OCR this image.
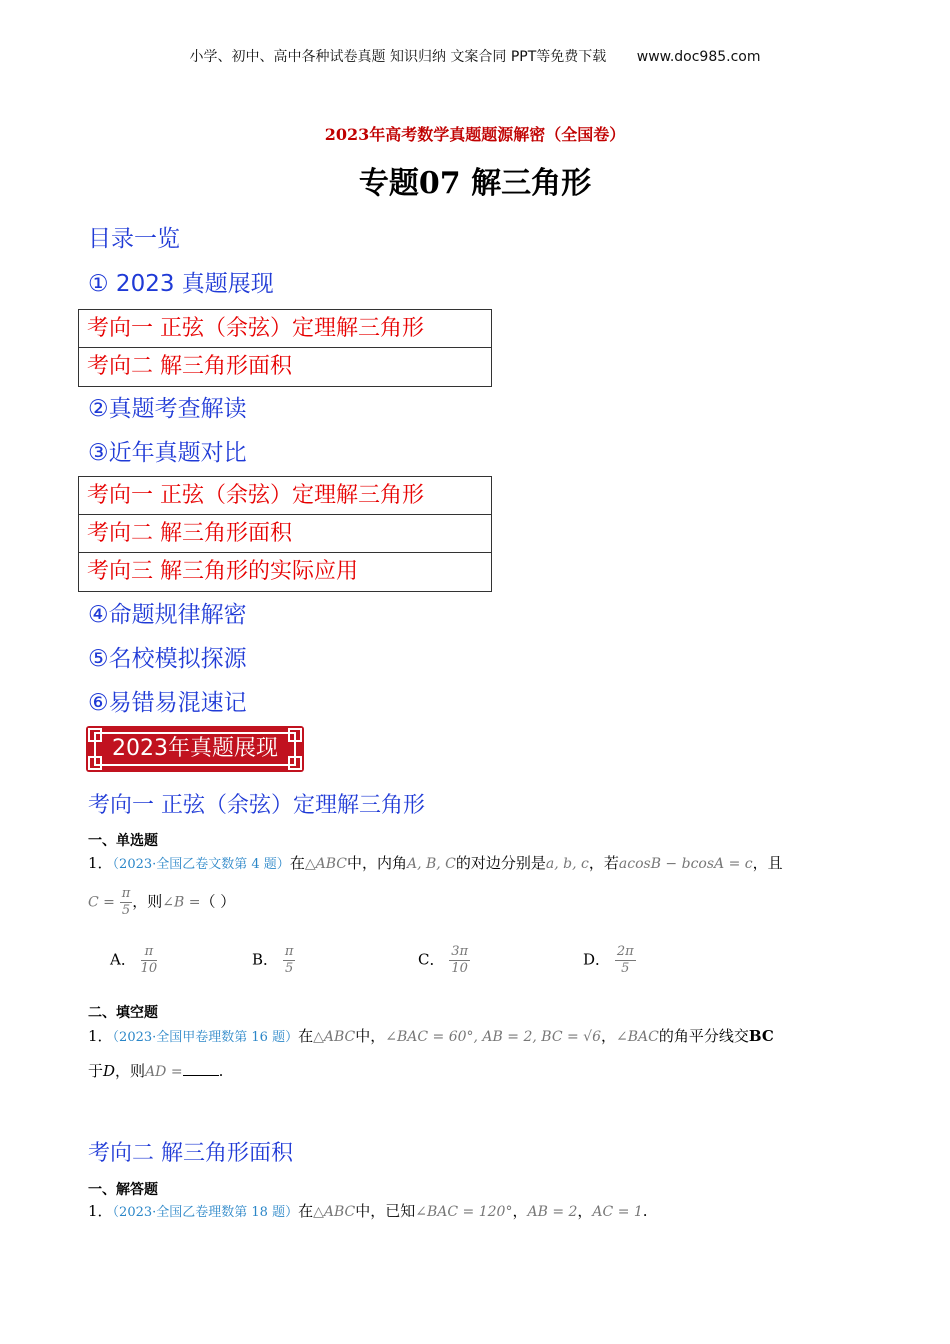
小学、初中、高中各种试卷真题 知识归纳 文案合同 PPT等免费下载 www.doc985.com
2023年高考数学真题题源解密（全国卷）
专题07 解三角形
目录一览
① 2023 真题展现
考向一 正弦（余弦）定理解三角形
考向二 解三角形面积
②真题考查解读
③近年真题对比
考向一 正弦（余弦）定理解三角形
考向二 解三角形面积
考向三 解三角形的实际应用
④命题规律解密
⑤名校模拟探源
⑥易错易混速记
2023年真题展现
考向一 正弦（余弦）定理解三角形
一、单选题
1．（2023·全国乙卷文数第 4 题）在△ABC中，内角A, B, C的对边分别是a, b, c，若acosB − bcosA = c，且
$C = \frac{\pi}{5}$ ，则∠B =（ ）
A． $\frac{\pi}{10}$	B． $\frac{\pi}{5}$	C． $\frac{3\pi}{10}$	D． $\frac{2\pi}{5}$
二、填空题
1．（2023·全国甲卷理数第 16 题）在△ABC中，∠BAC = 60°, AB = 2, BC = √6，∠BAC的角平分线交BC
于D，则AD = .
考向二 解三角形面积
一、解答题
1．（2023·全国乙卷理数第 18 题）在△ABC中，已知∠BAC = 120°，AB = 2，AC = 1.
